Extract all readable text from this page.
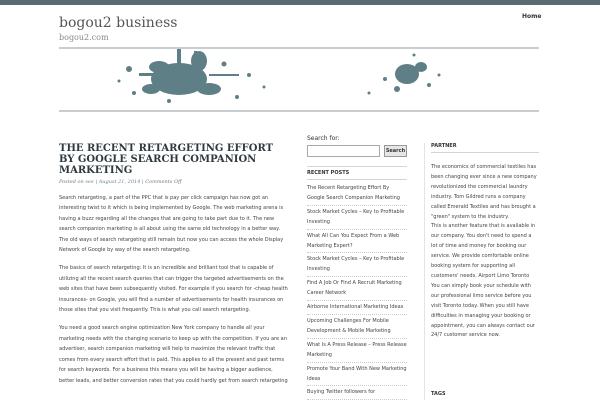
bogou2 business
bogou2.com
Home
THE RECENT RETARGETING EFFORT BY GOOGLE SEARCH COMPANION MARKETING
Posted on see | August 21, 2014 | Comments Off

Search retargeting, a part of the PPC that is pay per click campaign has now got an interesting twist to it which is being implemented by Google. The web marketing arena is having a buzz regarding all the changes that are going to take part due to it. The new search companion marketing is all about using the same old technology in a better way. The old ways of search retargeting still remain but now you can access the whole Display Network of Google by way of the search retargeting.

The basics of search retargeting: It is an incredible and brilliant tool that is capable of utilizing all the recent search queries that can trigger the targeted advertisements on the web sites that have been subsequently visited. For example if you search for -cheap health insurances- on Google, you will find a number of advertisements for health insurances on those sites that you visit frequently. This is what you call search retargeting.

You need a good search engine optimization New York company to handle all your marketing needs with the changing scenario to keep up with the competition. If you are an advertiser, search companion marketing will help to maximize the relevant traffic that comes from every search effort that is paid. This applies to all the present and past terms for search keywords. For a business this means you will be having a bigger audience, better leads, and better conversion rates that you could hardly get from search retargeting

Search for:
Search
RECENT POSTS
The Recent Retargeting Effort By Google Search Companion Marketing
Stock Market Cycles – Key to Profitable Investing
What All Can You Expect From a Web Marketing Expert?
Stock Market Cycles – Key to Profitable Investing
Find A Job Or Find A Recruit Marketing Career Network
Airborne International Marketing Ideas
Upcoming Challenges For Mobile Development & Mobile Marketing
What Is A Press Release – Press Release Marketing
Promote Your Band With New Marketing Ideas
Buying Twitter followers for
PARTNER
The economics of commercial textiles has been changing ever since a new company revolutionized the commercial laundry industry. Tom Gildred runs a company called Emerald Textiles and has brought a "green" system to the industry.
This is another feature that is available in our company. You don't need to spend a lot of time and money for booking our service. We provide comfortable online booking system for supporting all customers' needs. Airport Limo Toronto You can simply book your schedule with our professional limo service before you visit Toronto today. When you still have difficulties in managing your booking or appointment, you can always contact our 24/7 customer service now.
TAGS
